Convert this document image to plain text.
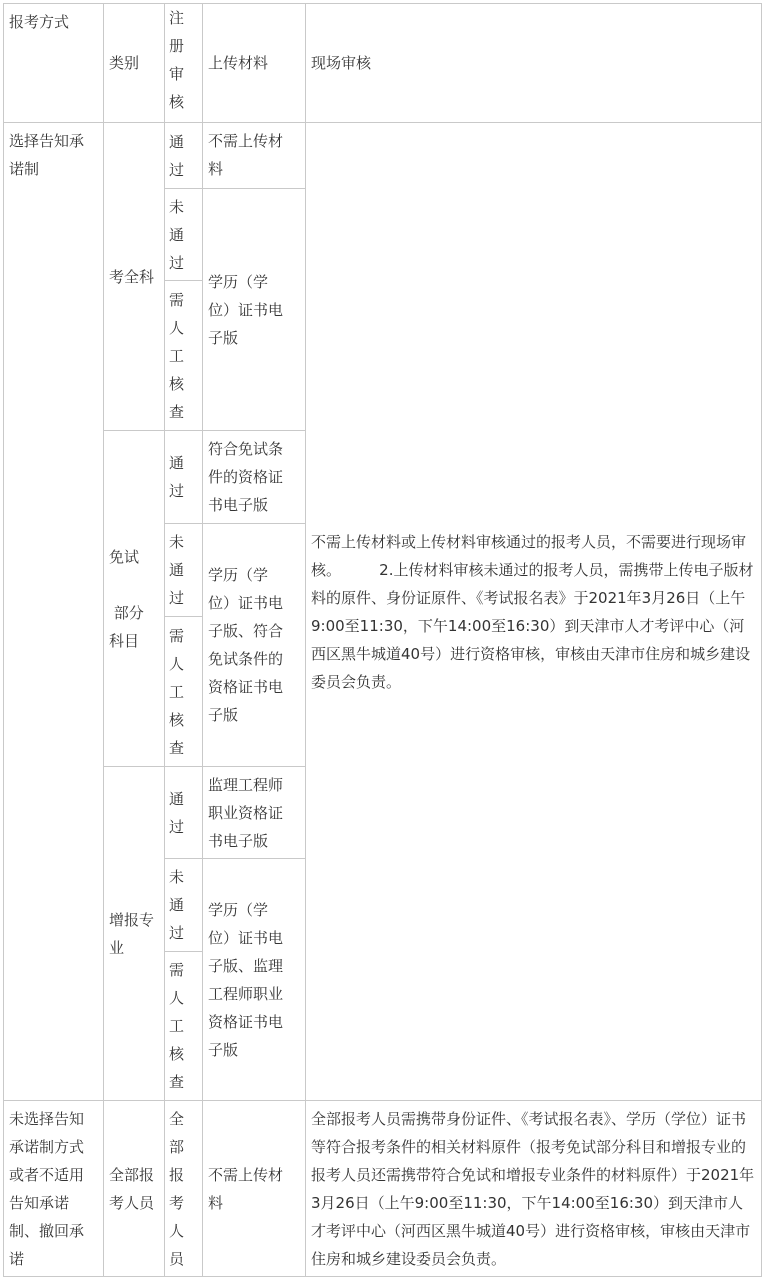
报考方式
类别
注
册
审
核
上传材料	现场审核
选择告知承
诺制
不需上传材料或上传材料审核通过的报考人员，不需要进行现场审核。        2.上传材料审核未通过的报考人员，需携带上传电子版材料的原件、身份证原件、《考试报名表》于2021年3月26日（上午9:00至11:30，下午14:00至16:30）到天津市人才考评中心（河西区黑牛城道40号）进行资格审核，审核由天津市住房和城乡建设委员会负责。
考全科
通
过
不需上传材
料
未
通
过
需
人
工
核
查
学历（学
位）证书电
子版
免试

部分
科目
通
过
符合免试条
件的资格证
书电子版
未
通
过
需
人
工
核
查
学历（学
位）证书电
子版、符合
免试条件的
资格证书电
子版
增报专
业
通
过
监理工程师
职业资格证
书电子版
未
通
过
需
人
工
核
查
学历（学
位）证书电
子版、监理
工程师职业
资格证书电
子版
未选择告知
承诺制方式
或者不适用
告知承诺
制、撤回承
诺
全部报
考人员
全
部
报
考
人
员
不需上传材
料
全部报考人员需携带身份证件、《考试报名表》、学历（学位）证书等符合报考条件的相关材料原件（报考免试部分科目和增报专业的报考人员还需携带符合免试和增报专业条件的材料原件）于2021年3月26日（上午9:00至11:30，下午14:00至16:30）到天津市人才考评中心（河西区黑牛城道40号）进行资格审核，审核由天津市住房和城乡建设委员会负责。
